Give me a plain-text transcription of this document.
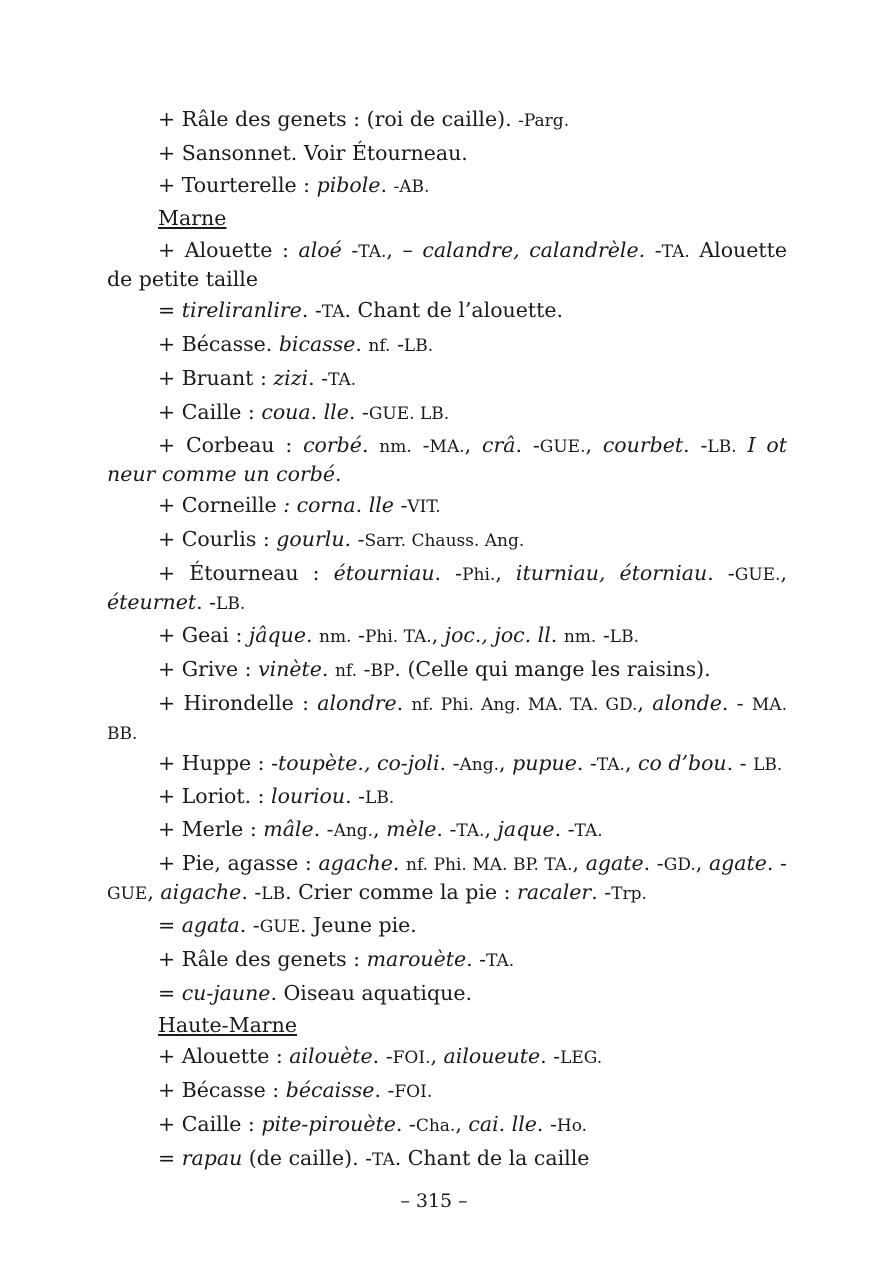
+ Râle des genets : (roi de caille). -Parg.

+ Sansonnet. Voir Étourneau.

+ Tourterelle : pibole. -AB.

Marne

+ Alouette : aloé -TA., – calandre, calandrèle. -TA. Alouette de petite taille

= tireliranlire. -TA. Chant de l’alouette.

+ Bécasse. bicasse. nf. -LB.

+ Bruant : zizi. -TA.

+ Caille : coua. lle. -GUE. LB.

+ Corbeau : corbé. nm. -MA., crâ. -GUE., courbet. -LB. I ot neur comme un corbé.

+ Corneille : corna. lle -VIT.

+ Courlis : gourlu. -Sarr. Chauss. Ang.

+ Étourneau : étourniau. -Phi., iturniau, étorniau. -GUE., éteurnet. -LB.

+ Geai : jâque. nm. -Phi. TA., joc., joc. ll. nm. -LB.

+ Grive : vinète. nf. -BP. (Celle qui mange les raisins).

+ Hirondelle : alondre. nf. Phi. Ang. MA. TA. GD., alonde. - MA. BB.

+ Huppe : -toupète., co-joli. -Ang., pupue. -TA., co d’bou. - LB.

+ Loriot. : louriou. -LB.

+ Merle : mâle. -Ang., mèle. -TA., jaque. -TA.

+ Pie, agasse : agache. nf. Phi. MA. BP. TA., agate. -GD., agate. -GUE, aigache. -LB. Crier comme la pie : racaler. -Trp.

= agata. -GUE. Jeune pie.

+ Râle des genets : marouète. -TA.

= cu-jaune. Oiseau aquatique.

Haute-Marne

+ Alouette : ailouète. -FOI., ailoueute. -LEG.

+ Bécasse : bécaisse. -FOI.

+ Caille : pite-pirouète. -Cha., cai. lle. -Ho.

= rapau (de caille). -TA. Chant de la caille

– 315 –
